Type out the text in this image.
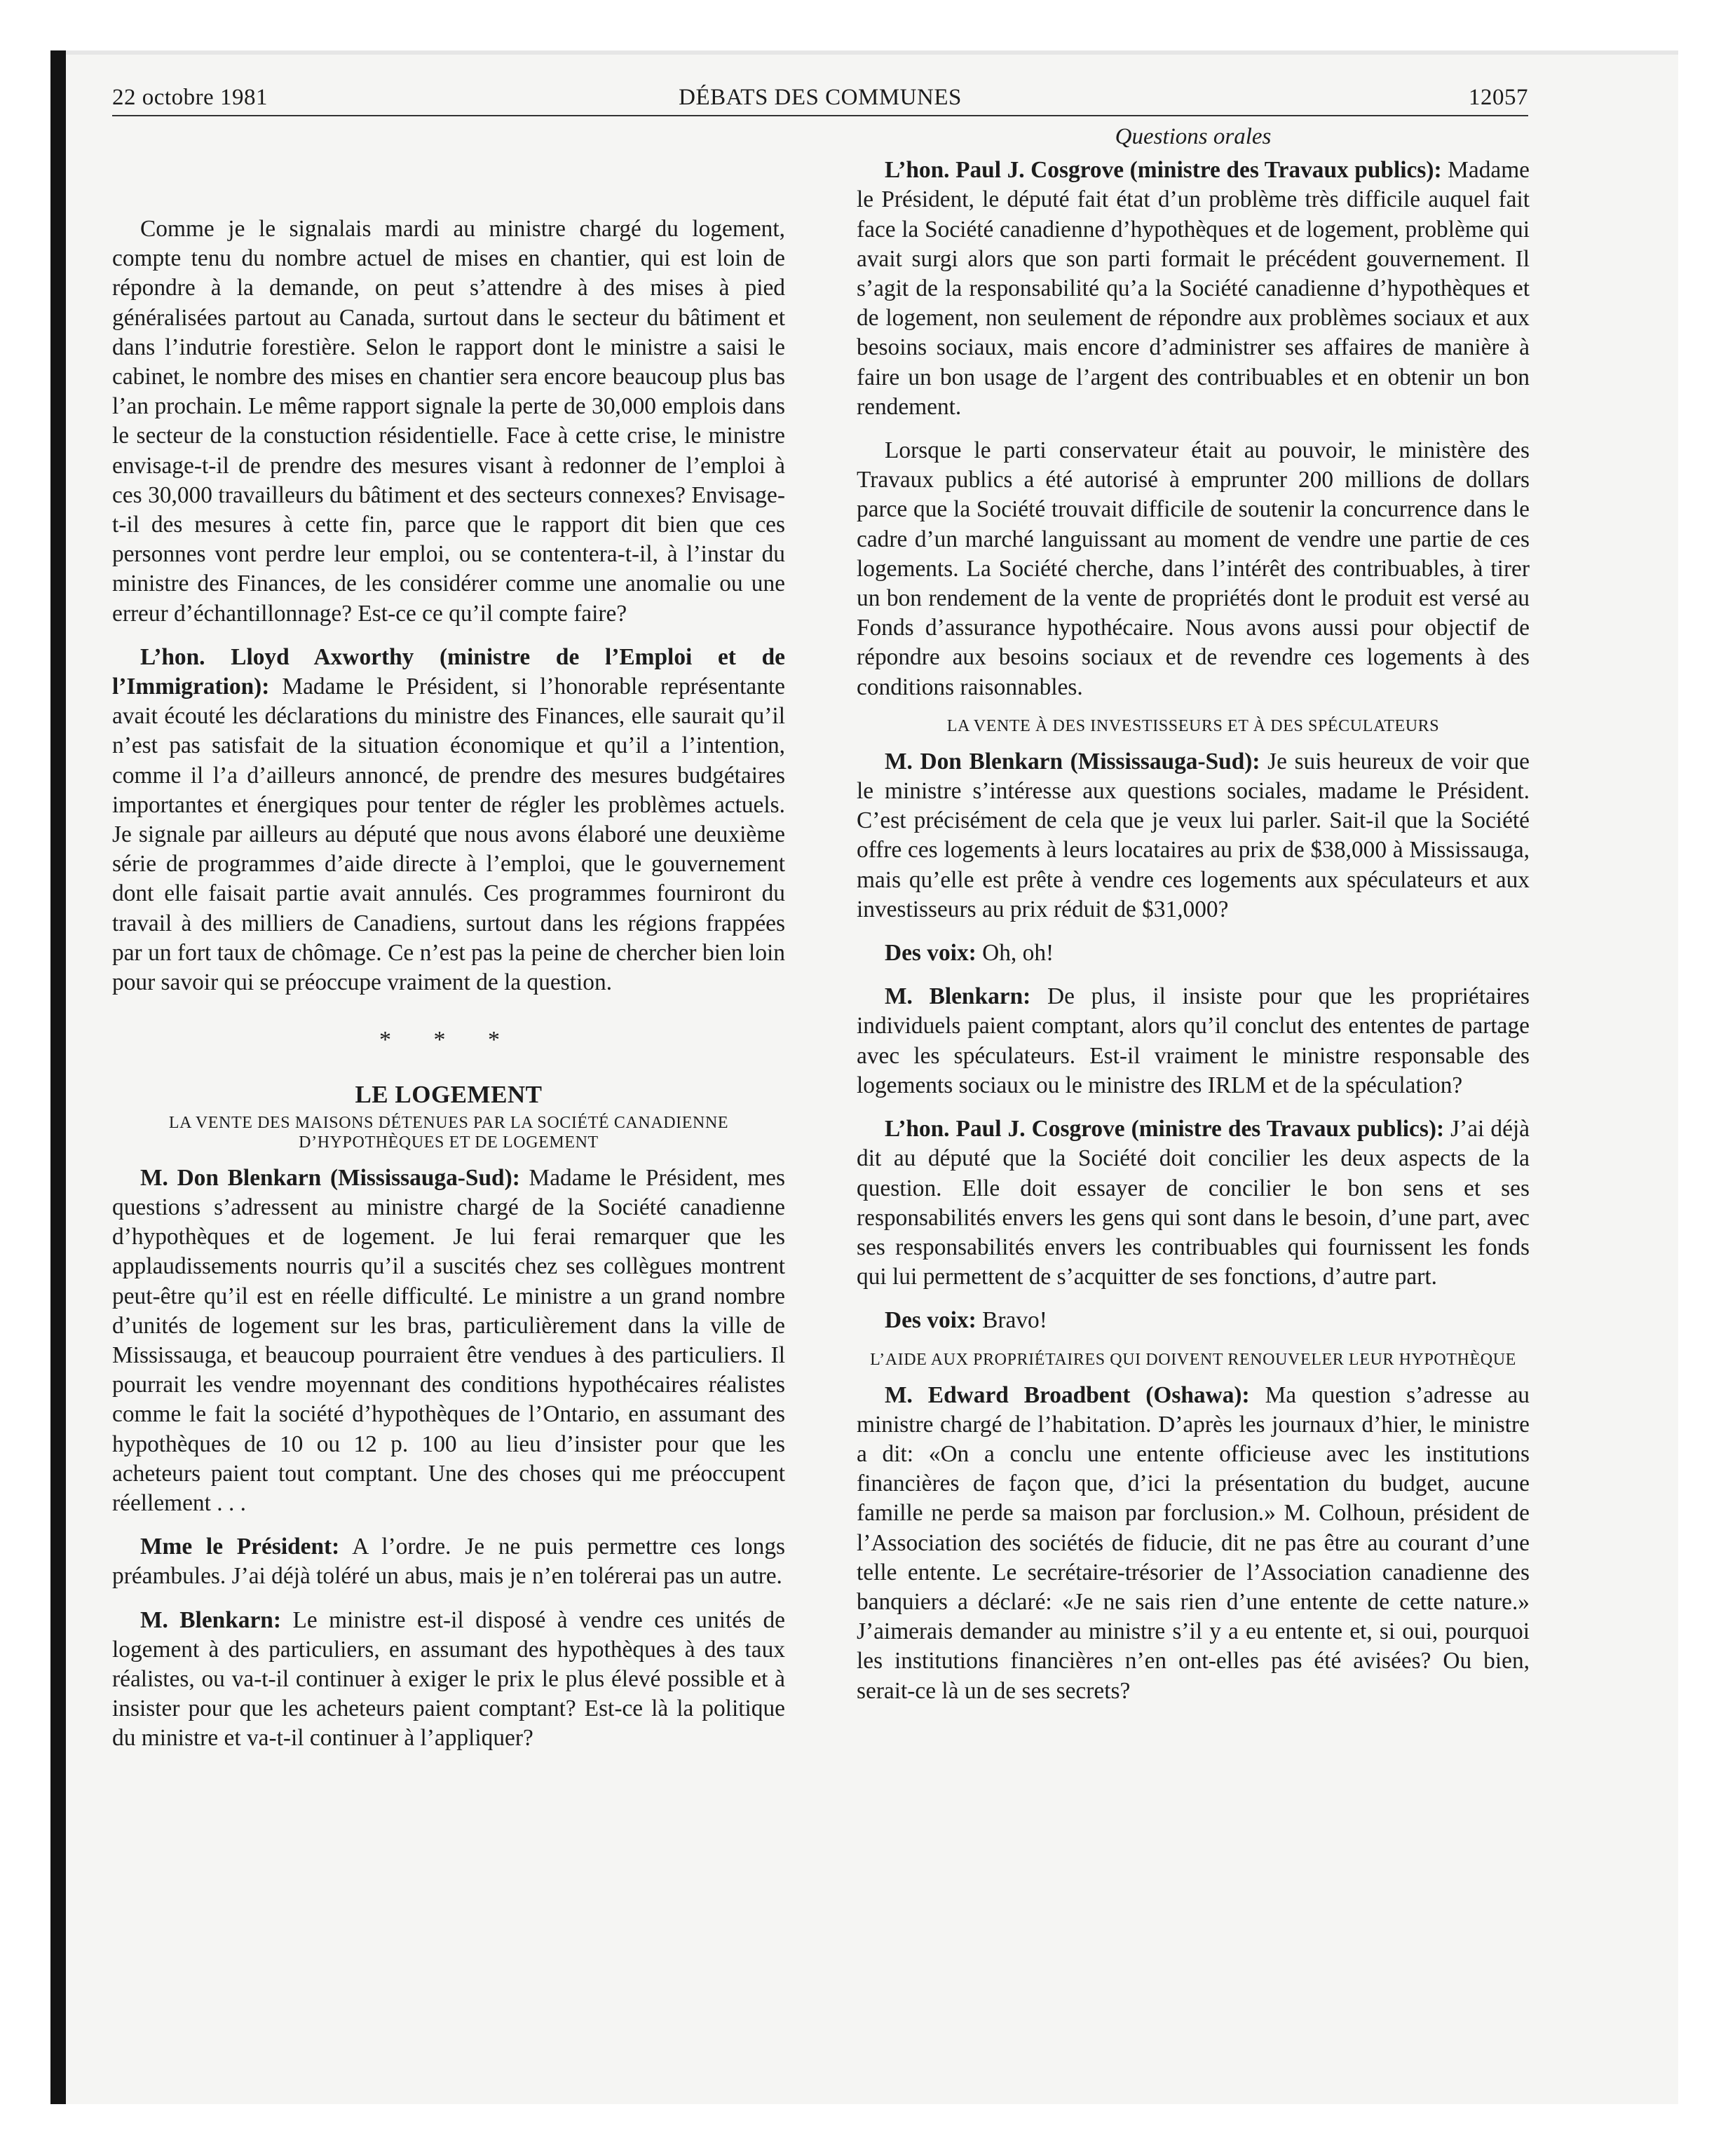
22 octobre 1981	DÉBATS DES COMMUNES	12057

Comme je le signalais mardi au ministre chargé du logement, compte tenu du nombre actuel de mises en chantier, qui est loin de répondre à la demande, on peut s’attendre à des mises à pied généralisées partout au Canada, surtout dans le secteur du bâtiment et dans l’indutrie forestière. Selon le rapport dont le ministre a saisi le cabinet, le nombre des mises en chantier sera encore beaucoup plus bas l’an prochain. Le même rapport signale la perte de 30,000 emplois dans le secteur de la constuction résidentielle. Face à cette crise, le ministre envisage-t-il de prendre des mesures visant à redonner de l’emploi à ces 30,000 travailleurs du bâtiment et des secteurs connexes? Envisage-t-il des mesures à cette fin, parce que le rapport dit bien que ces personnes vont perdre leur emploi, ou se contentera-t-il, à l’instar du ministre des Finances, de les considérer comme une anomalie ou une erreur d’échantillonnage? Est-ce ce qu’il compte faire?

L’hon. Lloyd Axworthy (ministre de l’Emploi et de l’Immigration): Madame le Président, si l’honorable représentante avait écouté les déclarations du ministre des Finances, elle saurait qu’il n’est pas satisfait de la situation économique et qu’il a l’intention, comme il l’a d’ailleurs annoncé, de prendre des mesures budgétaires importantes et énergiques pour tenter de régler les problèmes actuels. Je signale par ailleurs au député que nous avons élaboré une deuxième série de programmes d’aide directe à l’emploi, que le gouvernement dont elle faisait partie avait annulés. Ces programmes fourniront du travail à des milliers de Canadiens, surtout dans les régions frappées par un fort taux de chômage. Ce n’est pas la peine de chercher bien loin pour savoir qui se préoccupe vraiment de la question.

* * *
LE LOGEMENT
LA VENTE DES MAISONS DÉTENUES PAR LA SOCIÉTÉ CANADIENNE D’HYPOTHÈQUES ET DE LOGEMENT

M. Don Blenkarn (Mississauga-Sud): Madame le Président, mes questions s’adressent au ministre chargé de la Société canadienne d’hypothèques et de logement. Je lui ferai remarquer que les applaudissements nourris qu’il a suscités chez ses collègues montrent peut-être qu’il est en réelle difficulté. Le ministre a un grand nombre d’unités de logement sur les bras, particulièrement dans la ville de Mississauga, et beaucoup pourraient être vendues à des particuliers. Il pourrait les vendre moyennant des conditions hypothécaires réalistes comme le fait la société d’hypothèques de l’Ontario, en assumant des hypothèques de 10 ou 12 p. 100 au lieu d’insister pour que les acheteurs paient tout comptant. Une des choses qui me préoccupent réellement . . .

Mme le Président: A l’ordre. Je ne puis permettre ces longs préambules. J’ai déjà toléré un abus, mais je n’en tolérerai pas un autre.

M. Blenkarn: Le ministre est-il disposé à vendre ces unités de logement à des particuliers, en assumant des hypothèques à des taux réalistes, ou va-t-il continuer à exiger le prix le plus élevé possible et à insister pour que les acheteurs paient comptant? Est-ce là la politique du ministre et va-t-il continuer à l’appliquer?

Questions orales

L’hon. Paul J. Cosgrove (ministre des Travaux publics): Madame le Président, le député fait état d’un problème très difficile auquel fait face la Société canadienne d’hypothèques et de logement, problème qui avait surgi alors que son parti formait le précédent gouvernement. Il s’agit de la responsabilité qu’a la Société canadienne d’hypothèques et de logement, non seulement de répondre aux problèmes sociaux et aux besoins sociaux, mais encore d’administrer ses affaires de manière à faire un bon usage de l’argent des contribuables et en obtenir un bon rendement.

Lorsque le parti conservateur était au pouvoir, le ministère des Travaux publics a été autorisé à emprunter 200 millions de dollars parce que la Société trouvait difficile de soutenir la concurrence dans le cadre d’un marché languissant au moment de vendre une partie de ces logements. La Société cherche, dans l’intérêt des contribuables, à tirer un bon rendement de la vente de propriétés dont le produit est versé au Fonds d’assurance hypothécaire. Nous avons aussi pour objectif de répondre aux besoins sociaux et de revendre ces logements à des conditions raisonnables.

LA VENTE À DES INVESTISSEURS ET À DES SPÉCULATEURS

M. Don Blenkarn (Mississauga-Sud): Je suis heureux de voir que le ministre s’intéresse aux questions sociales, madame le Président. C’est précisément de cela que je veux lui parler. Sait-il que la Société offre ces logements à leurs locataires au prix de $38,000 à Mississauga, mais qu’elle est prête à vendre ces logements aux spéculateurs et aux investisseurs au prix réduit de $31,000?

Des voix: Oh, oh!

M. Blenkarn: De plus, il insiste pour que les propriétaires individuels paient comptant, alors qu’il conclut des ententes de partage avec les spéculateurs. Est-il vraiment le ministre responsable des logements sociaux ou le ministre des IRLM et de la spéculation?

L’hon. Paul J. Cosgrove (ministre des Travaux publics): J’ai déjà dit au député que la Société doit concilier les deux aspects de la question. Elle doit essayer de concilier le bon sens et ses responsabilités envers les gens qui sont dans le besoin, d’une part, avec ses responsabilités envers les contribuables qui fournissent les fonds qui lui permettent de s’acquitter de ses fonctions, d’autre part.

Des voix: Bravo!

L’AIDE AUX PROPRIÉTAIRES QUI DOIVENT RENOUVELER LEUR HYPOTHÈQUE

M. Edward Broadbent (Oshawa): Ma question s’adresse au ministre chargé de l’habitation. D’après les journaux d’hier, le ministre a dit: «On a conclu une entente officieuse avec les institutions financières de façon que, d’ici la présentation du budget, aucune famille ne perde sa maison par forclusion.» M. Colhoun, président de l’Association des sociétés de fiducie, dit ne pas être au courant d’une telle entente. Le secrétaire-trésorier de l’Association canadienne des banquiers a déclaré: «Je ne sais rien d’une entente de cette nature.» J’aimerais demander au ministre s’il y a eu entente et, si oui, pourquoi les institutions financières n’en ont-elles pas été avisées? Ou bien, serait-ce là un de ses secrets?
